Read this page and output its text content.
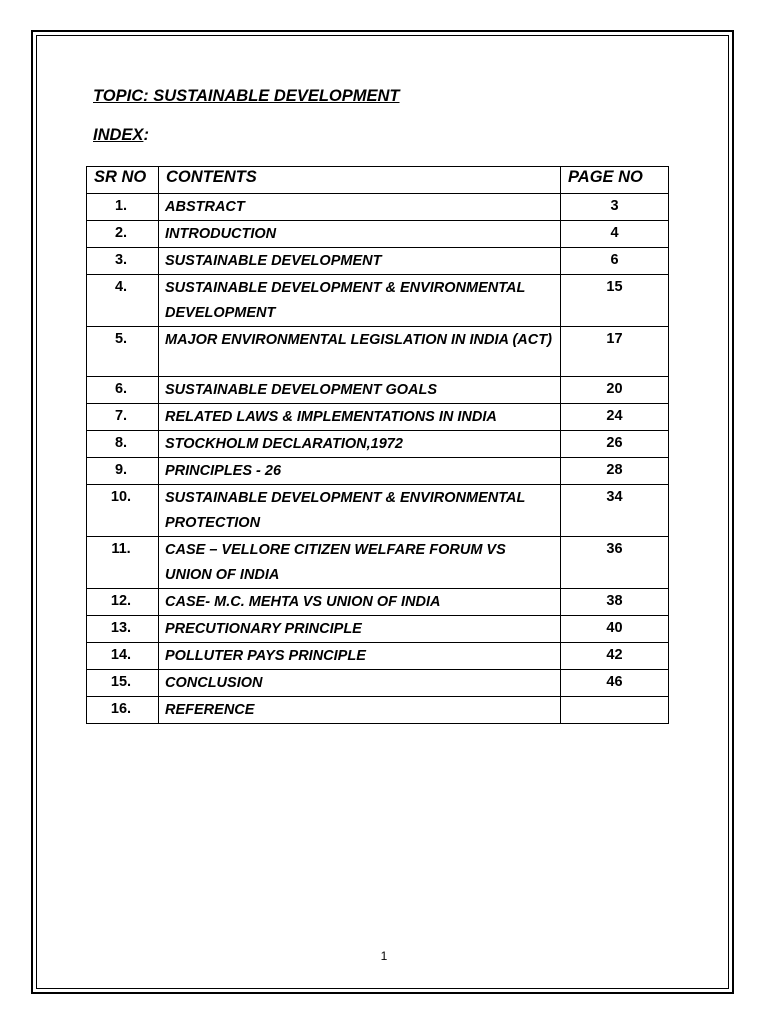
TOPIC: SUSTAINABLE DEVELOPMENT
INDEX:
SR NO	CONTENTS	PAGE NO

1.	ABSTRACT	3

2.	INTRODUCTION	4

3.	SUSTAINABLE DEVELOPMENT	6

4.	SUSTAINABLE DEVELOPMENT & ENVIRONMENTAL DEVELOPMENT	15

5.	MAJOR ENVIRONMENTAL LEGISLATION IN INDIA (ACT)	17

6.	SUSTAINABLE DEVELOPMENT GOALS	20

7.	RELATED LAWS & IMPLEMENTATIONS IN INDIA	24

8.	STOCKHOLM DECLARATION,1972	26

9.	PRINCIPLES - 26	28

10.	SUSTAINABLE DEVELOPMENT & ENVIRONMENTAL PROTECTION	34

11.	CASE – VELLORE CITIZEN WELFARE FORUM VS UNION OF INDIA	36

12.	CASE- M.C. MEHTA VS UNION OF INDIA	38

13.	PRECUTIONARY PRINCIPLE	40

14.	POLLUTER PAYS PRINCIPLE	42

15.	CONCLUSION	46

16.	REFERENCE	

1
